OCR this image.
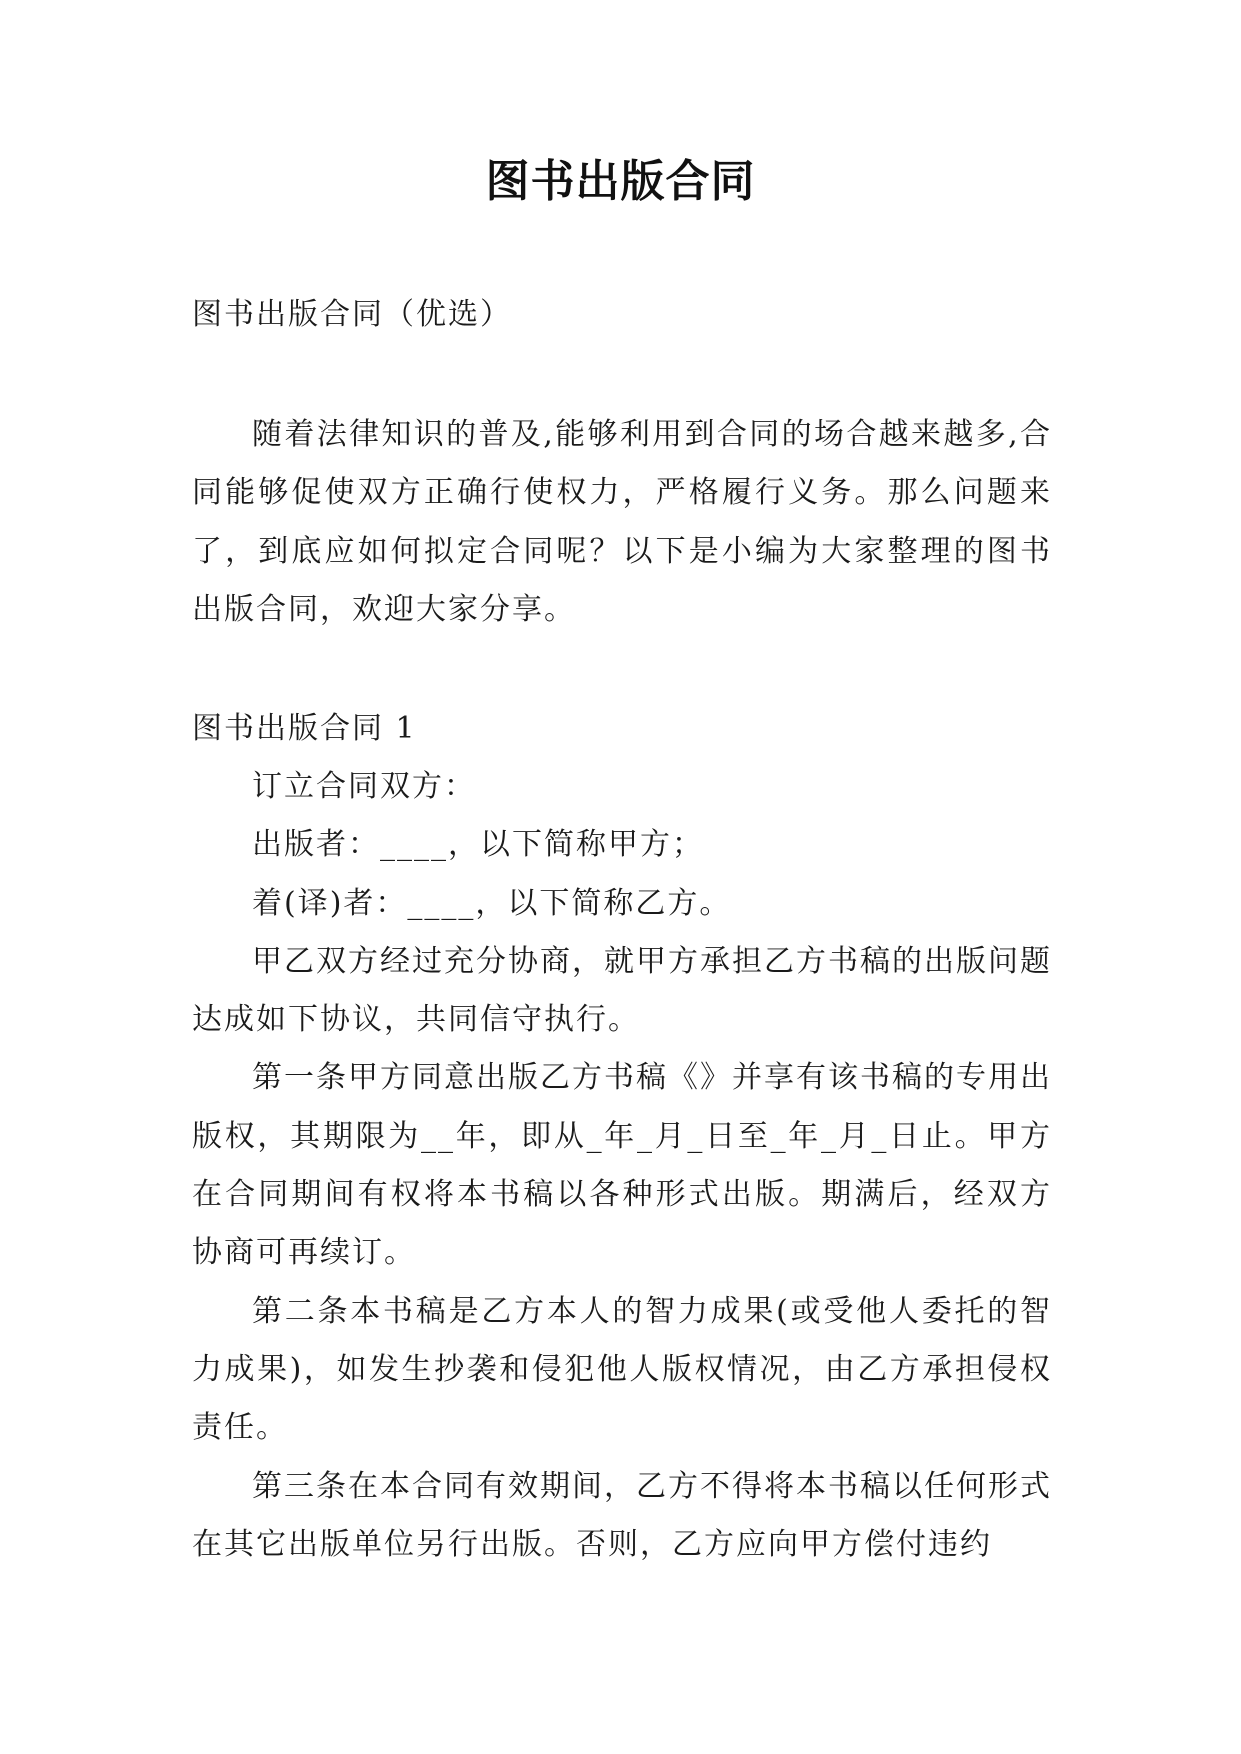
图书出版合同
图书出版合同（优选）
随着法律知识的普及,能够利用到合同的场合越来越多,合同能够促使双方正确行使权力，严格履行义务。那么问题来了，到底应如何拟定合同呢？以下是小编为大家整理的图书出版合同，欢迎大家分享。

图书出版合同 1

订立合同双方：

出版者：____，以下简称甲方；

着(译)者：____，以下简称乙方。

甲乙双方经过充分协商，就甲方承担乙方书稿的出版问题达成如下协议，共同信守执行。

第一条甲方同意出版乙方书稿《》并享有该书稿的专用出版权，其期限为__年，即从_年_月_日至_年_月_日止。甲方在合同期间有权将本书稿以各种形式出版。期满后，经双方协商可再续订。

第二条本书稿是乙方本人的智力成果(或受他人委托的智力成果)，如发生抄袭和侵犯他人版权情况，由乙方承担侵权责任。

第三条在本合同有效期间，乙方不得将本书稿以任何形式在其它出版单位另行出版。否则，乙方应向甲方偿付违约
